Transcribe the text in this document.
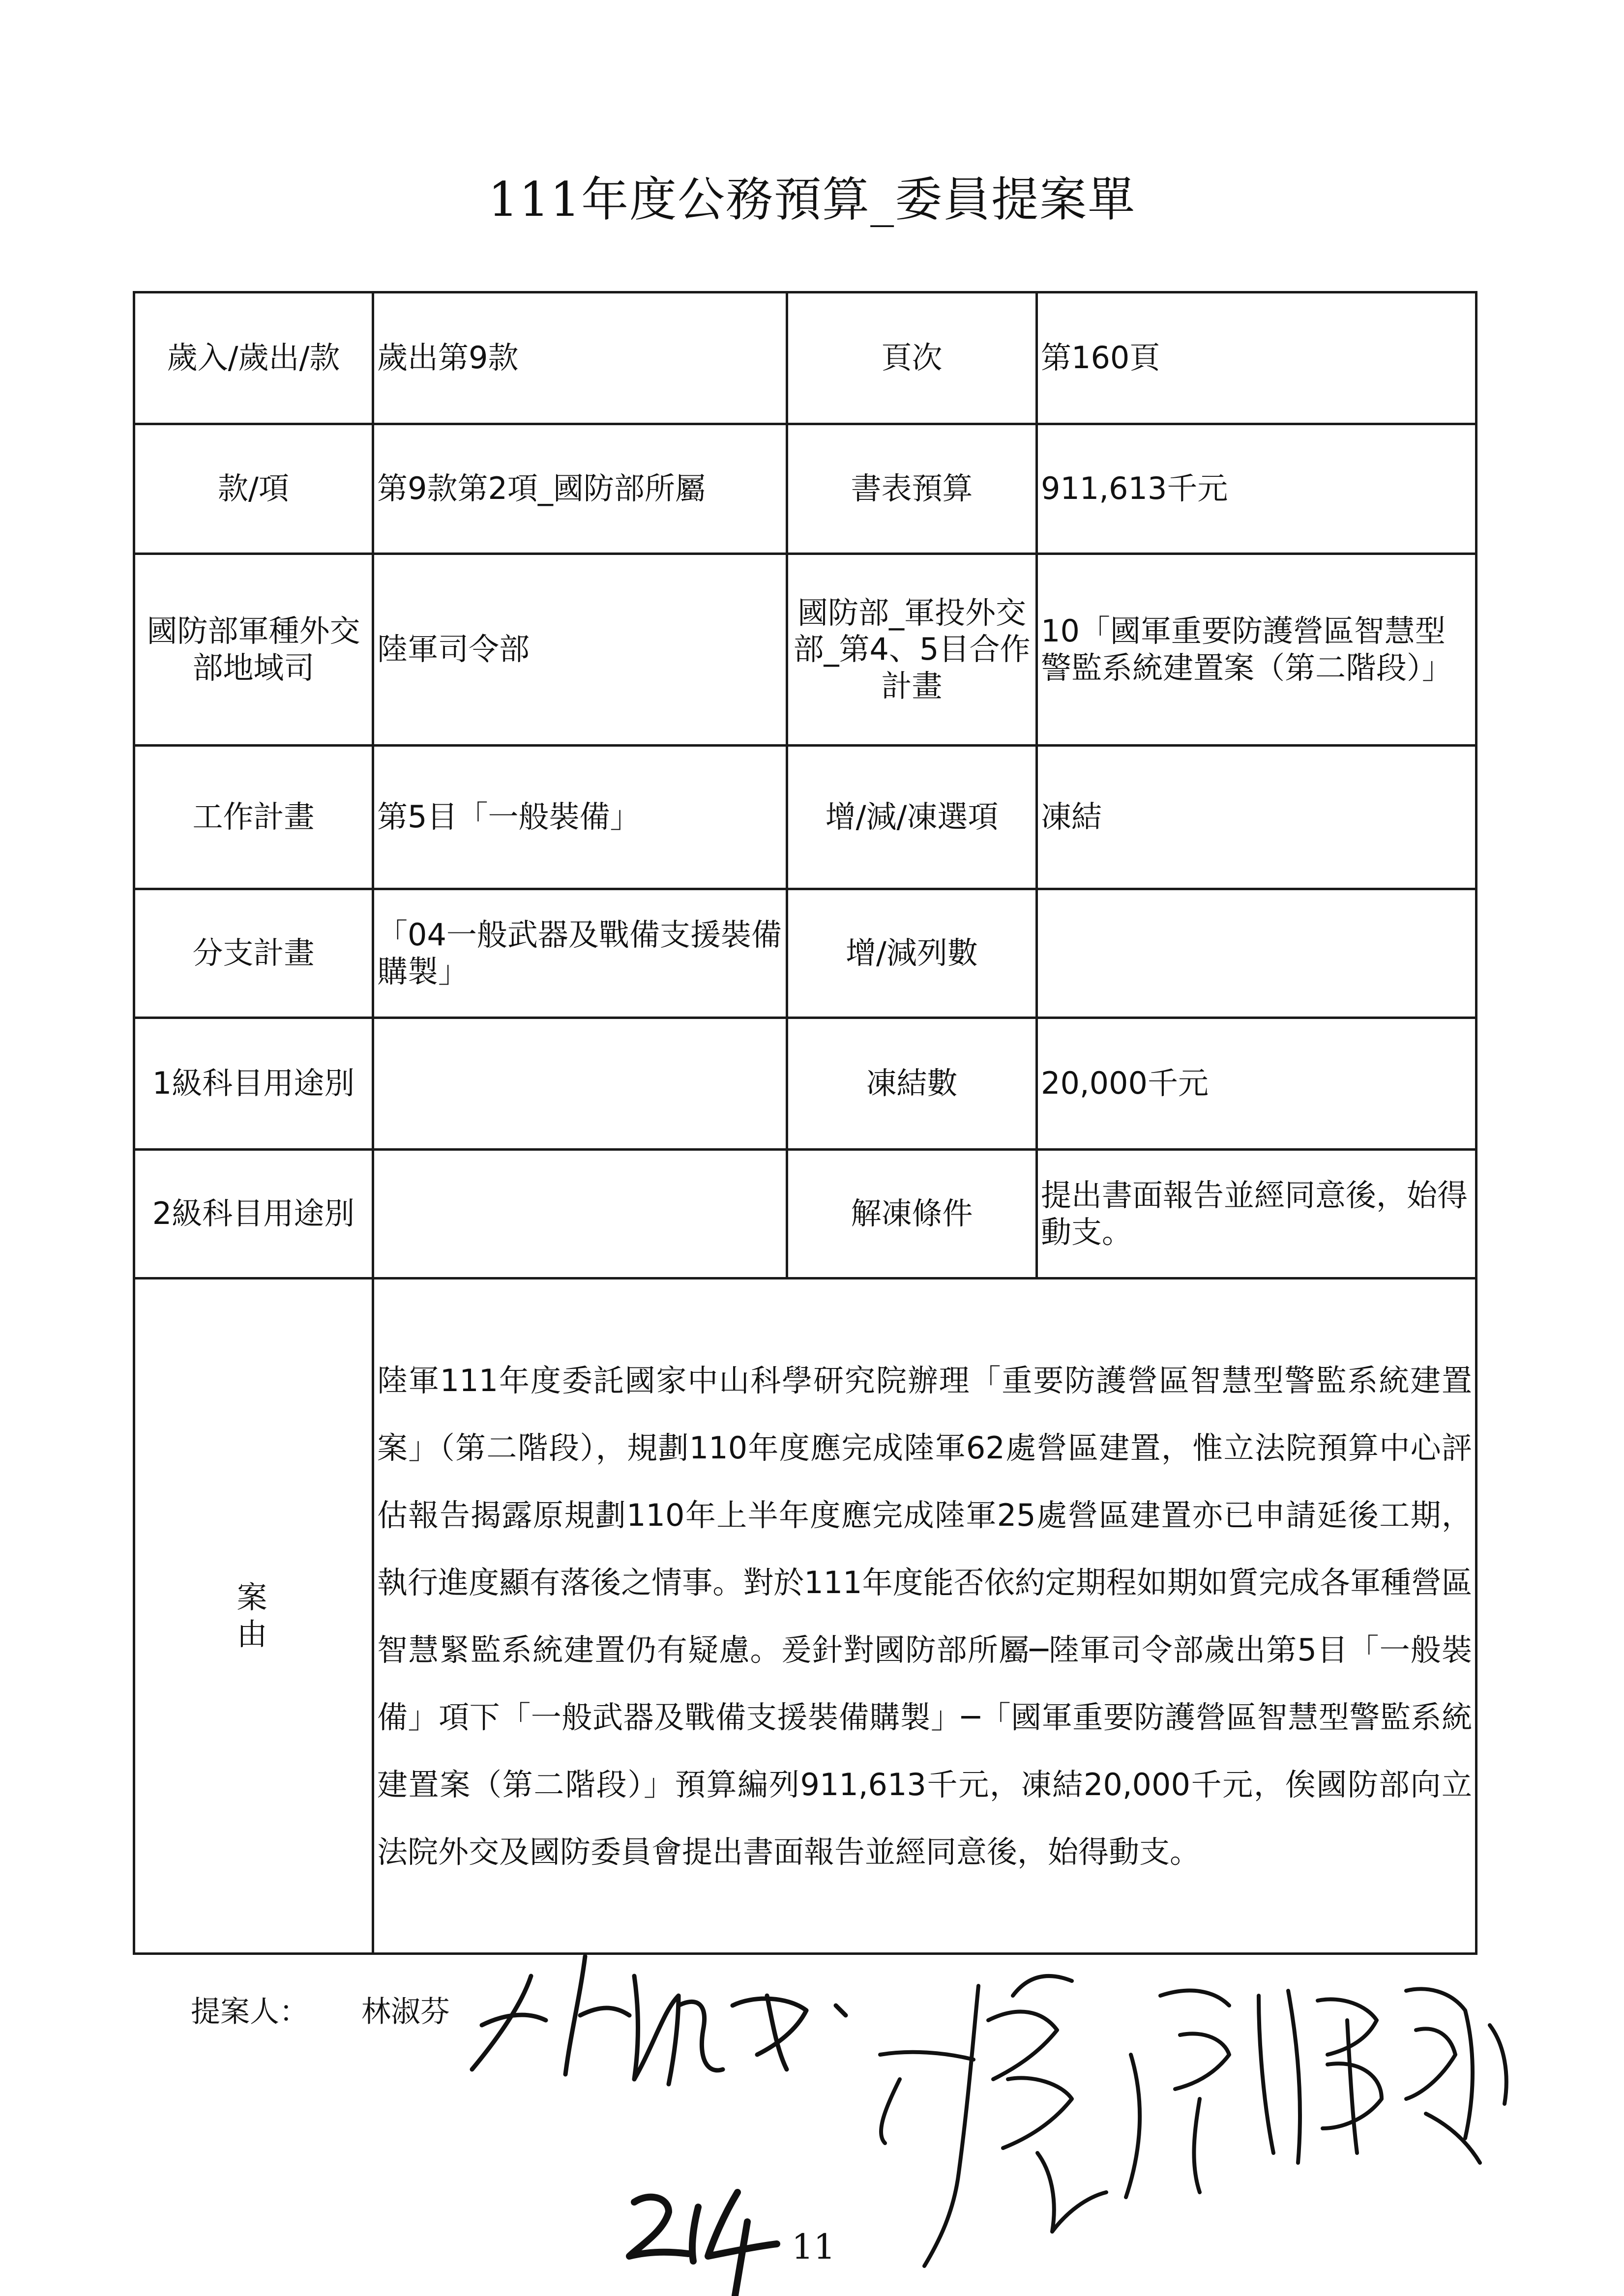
111年度公務預算_委員提案單
歲入/歲出/款	歲出第9款	頁次	第160頁
款/項	第9款第2項_國防部所屬	書表預算	911,613千元
國防部軍種外交部地域司	陸軍司令部	國防部_軍投外交部_第4、5目合作計畫	10「國軍重要防護營區智慧型警監系統建置案（第二階段）」
工作計畫	第5目「一般裝備」	增/減/凍選項	凍結
分支計畫	「04一般武器及戰備支援裝備購製」	增/減列數	
1級科目用途別		凍結數	20,000千元
2級科目用途別		解凍條件	提出書面報告並經同意後，始得動支。
案由	陸軍111年度委託國家中山科學研究院辦理「重要防護營區智慧型警監系統建置案」（第二階段），規劃110年度應完成陸軍62處營區建置，惟立法院預算中心評估報告揭露原規劃110年上半年度應完成陸軍25處營區建置亦已申請延後工期，執行進度顯有落後之情事。對於111年度能否依約定期程如期如質完成各軍種營區智慧緊監系統建置仍有疑慮。爰針對國防部所屬─陸軍司令部歲出第5目「一般裝備」項下「一般武器及戰備支援裝備購製」─「國軍重要防護營區智慧型警監系統建置案（第二階段）」預算編列911,613千元，凍結20,000千元，俟國防部向立法院外交及國防委員會提出書面報告並經同意後，始得動支。		
提案人： 林淑芬
11
